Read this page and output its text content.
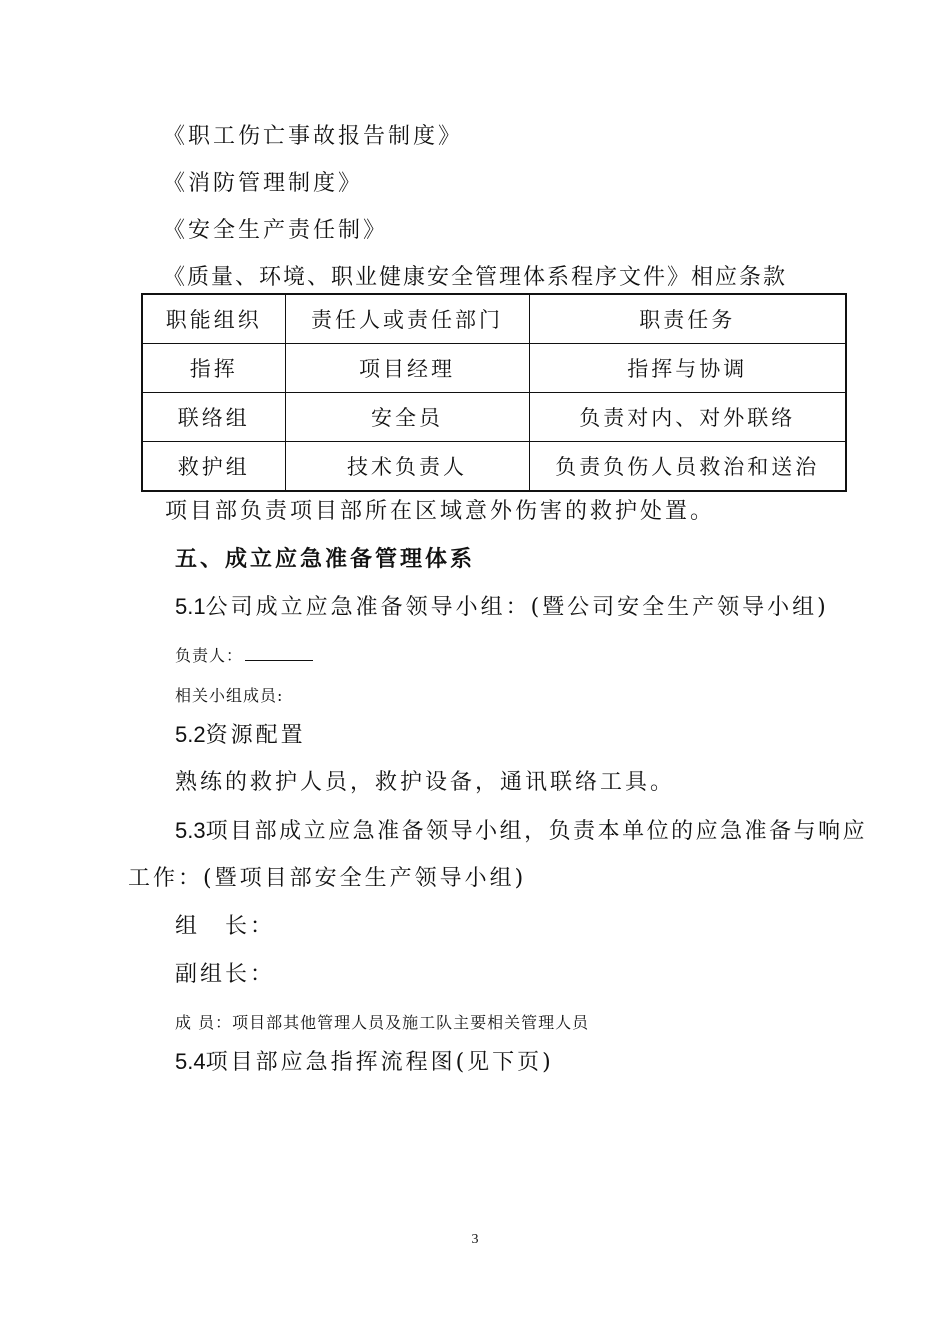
《职工伤亡事故报告制度》
《消防管理制度》
《安全生产责任制》
《质量、环境、职业健康安全管理体系程序文件》相应条款
职能组织	责任人或责任部门	职责任务
指挥	项目经理	指挥与协调
联络组	安全员	负责对内、对外联络
救护组	技术负责人	负责负伤人员救治和送治
项目部负责项目部所在区域意外伤害的救护处置。
五、成立应急准备管理体系
5.1公司成立应急准备领导小组：(暨公司安全生产领导小组)
负责人：
相关小组成员:
5.2资源配置
熟练的救护人员，救护设备，通讯联络工具。
5.3项目部成立应急准备领导小组，负责本单位的应急准备与响应
工作：(暨项目部安全生产领导小组)
组　长：
副组长：
成 员：项目部其他管理人员及施工队主要相关管理人员
5.4项目部应急指挥流程图(见下页)
3
